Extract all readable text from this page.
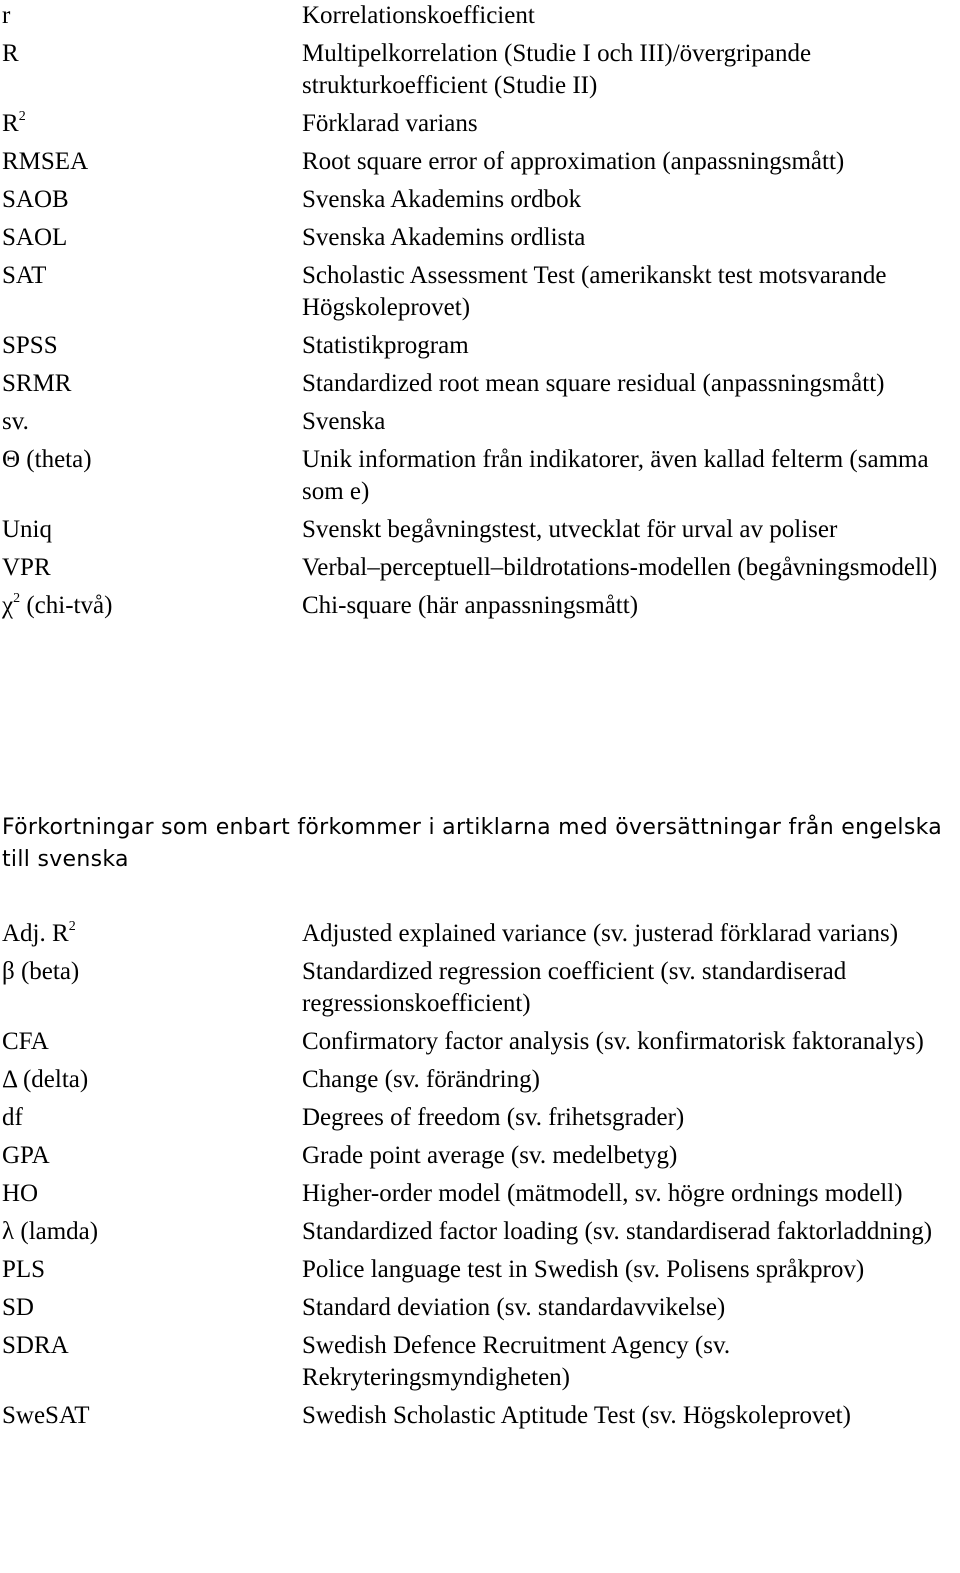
r	Korrelationskoefficient
R	Multipelkorrelation (Studie I och III)/övergripande strukturkoefficient (Studie II)
$R^2$	Förklarad varians
RMSEA	Root square error of approximation (anpassningsmått)
SAOB	Svenska Akademins ordbok
SAOL	Svenska Akademins ordlista
SAT	Scholastic Assessment Test (amerikanskt test motsvarande Högskoleprovet)
SPSS	Statistikprogram
SRMR	Standardized root mean square residual (anpassningsmått)
sv.	Svenska
Θ (theta)	Unik information från indikatorer, även kallad felterm (samma som e)
Uniq	Svenskt begåvningstest, utvecklat för urval av poliser
VPR	Verbal–perceptuell–bildrotations-modellen (begåvningsmodell)
$\chi^2$ (chi-två)	Chi-square (här anpassningsmått)
Förkortningar som enbart förkommer i artiklarna med översättningar från engelska till svenska
Adj. $R^2$	Adjusted explained variance (sv. justerad förklarad varians)
β (beta)	Standardized regression coefficient (sv. standardiserad regressionskoefficient)
CFA	Confirmatory factor analysis (sv. konfirmatorisk faktoranalys)
Δ (delta)	Change (sv. förändring)
df	Degrees of freedom (sv. frihetsgrader)
GPA	Grade point average (sv. medelbetyg)
HO	Higher-order model (mätmodell, sv. högre ordnings modell)
λ (lamda)	Standardized factor loading (sv. standardiserad faktorladdning)
PLS	Police language test in Swedish (sv. Polisens språkprov)
SD	Standard deviation (sv. standardavvikelse)
SDRA	Swedish Defence Recruitment Agency (sv. Rekryteringsmyndigheten)
SweSAT	Swedish Scholastic Aptitude Test (sv. Högskoleprovet)
